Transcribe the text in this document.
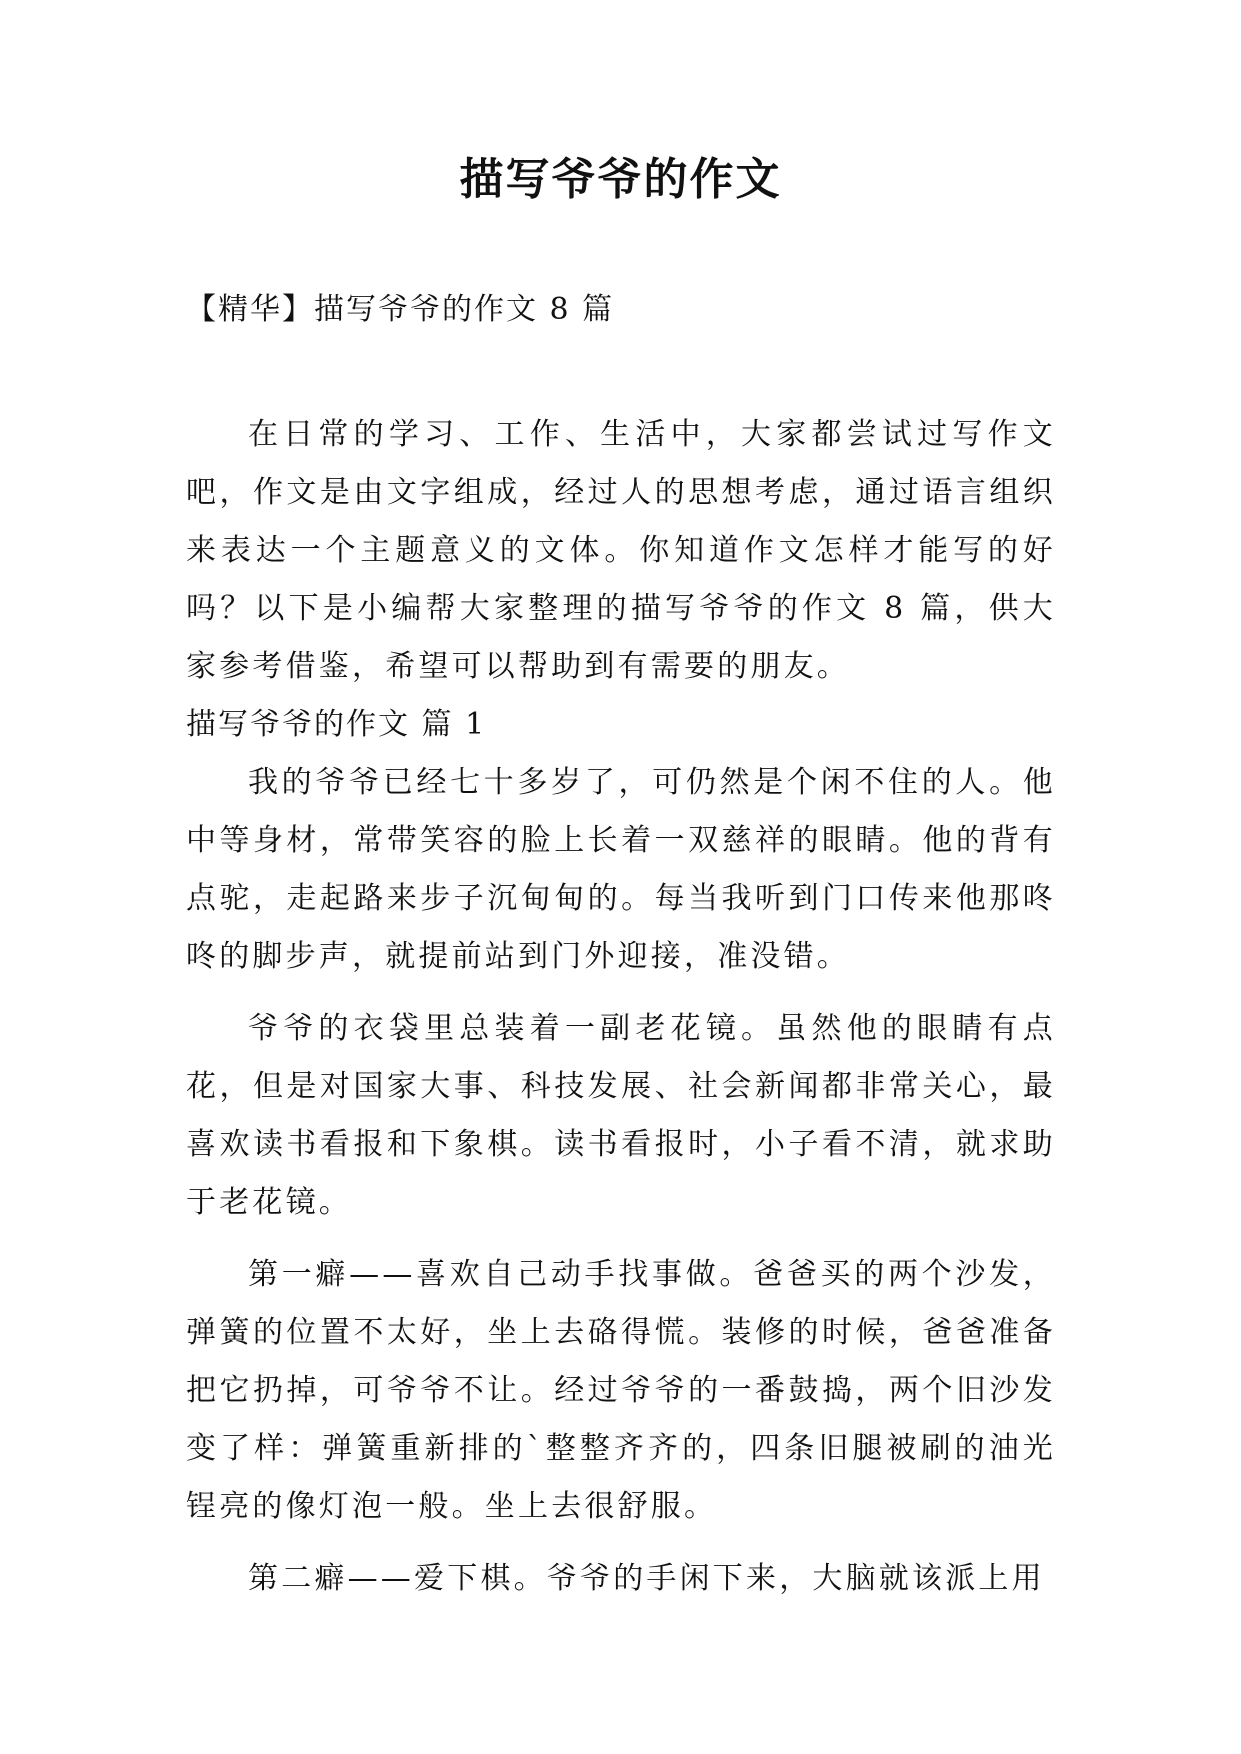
描写爷爷的作文
【精华】描写爷爷的作文 8 篇

在日常的学习、工作、生活中，大家都尝试过写作文吧，作文是由文字组成，经过人的思想考虑，通过语言组织来表达一个主题意义的文体。你知道作文怎样才能写的好吗？以下是小编帮大家整理的描写爷爷的作文 8 篇，供大家参考借鉴，希望可以帮助到有需要的朋友。

描写爷爷的作文 篇 1

我的爷爷已经七十多岁了，可仍然是个闲不住的人。他中等身材，常带笑容的脸上长着一双慈祥的眼睛。他的背有点驼，走起路来步子沉甸甸的。每当我听到门口传来他那咚咚的脚步声，就提前站到门外迎接，准没错。

爷爷的衣袋里总装着一副老花镜。虽然他的眼睛有点花，但是对国家大事、科技发展、社会新闻都非常关心，最喜欢读书看报和下象棋。读书看报时，小子看不清，就求助于老花镜。

第一癖——喜欢自己动手找事做。爸爸买的两个沙发，弹簧的位置不太好，坐上去硌得慌。装修的时候，爸爸准备把它扔掉，可爷爷不让。经过爷爷的一番鼓捣，两个旧沙发变了样：弹簧重新排的`整整齐齐的，四条旧腿被刷的油光锃亮的像灯泡一般。坐上去很舒服。

第二癖——爱下棋。爷爷的手闲下来，大脑就该派上用
